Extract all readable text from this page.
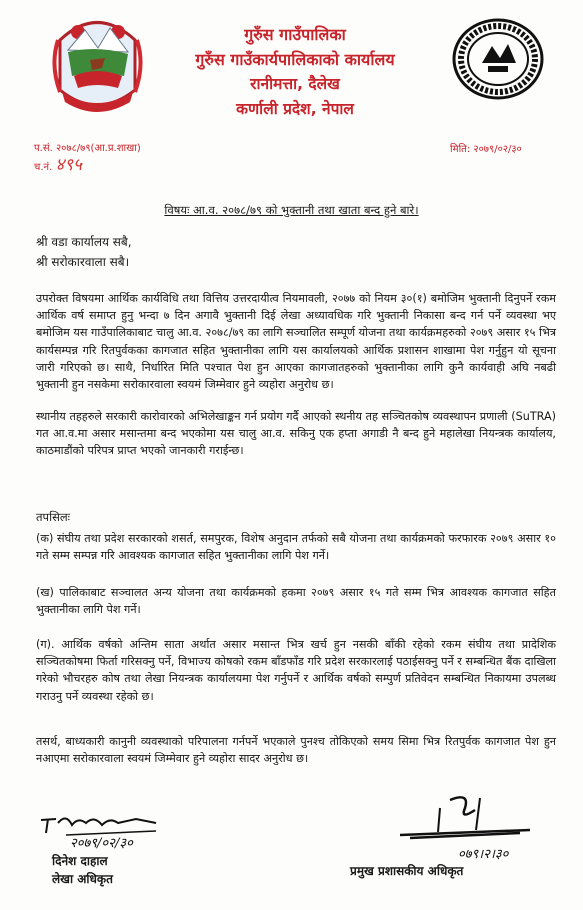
गुरुँस गाउँपालिका
गुरुँस गाउँकार्यपालिकाको कार्यालय
रानीमत्ता, दैलेख
कर्णाली प्रदेश, नेपाल
प.सं. २०७८/७९(आ.प्र.शाखा)
च.नं. ४९५
मिति: २०७९/०२/३०
विषयः आ.व. २०७८/७९ को भुक्तानी तथा खाता बन्द हुने बारे।
श्री वडा कार्यालय सबै,
श्री सरोकारवाला सबै।
उपरोक्त विषयमा आर्थिक कार्यविधि तथा वित्तिय उत्तरदायीत्व नियमावली, २०७७ को नियम ३०(१) बमोजिम भुक्तानी दिनुपर्ने रकम आर्थिक वर्ष समाप्त हुनु भन्दा ७ दिन अगावै भुक्तानी दिई लेखा अध्यावधिक गरि भुक्तानी निकासा बन्द गर्न पर्ने व्यवस्था भए बमोजिम यस गाउँपालिकाबाट चालु आ.व. २०७८/७९ का लागि सञ्चालित सम्पूर्ण योजना तथा कार्यक्रमहरुको २०७९ असार १५ भित्र कार्यसम्पन्न गरि रितपुर्वकका कागजात सहित भुक्तानीका लागि यस कार्यालयको आर्थिक प्रशासन शाखामा पेश गर्नुहुन यो सूचना जारी गरिएको छ। साथै, निर्धारित मिति पश्चात पेश हुन आएका कागजातहरुको भुक्तानीका लागि कुनै कार्यवाही अघि नबढी भुक्तानी हुन नसकेमा सरोकारवाला स्वयमं जिम्मेवार हुने व्यहोरा अनुरोध छ।
स्थानीय तहहरुले सरकारी कारोवारको अभिलेखाङ्कन गर्न प्रयोग गर्दै आएको स्थनीय तह सञ्चितकोष व्यवस्थापन प्रणाली (SuTRA) गत आ.व.मा असार मसान्तमा बन्द भएकोमा यस चालु आ.व. सकिनु एक हप्ता अगाडी नै बन्द हुने महालेखा नियन्त्रक कार्यालय, काठमाडौंको परिपत्र प्राप्त भएको जानकारी गराईन्छ।
तपसिलः
(क) संघीय तथा प्रदेश सरकारको शसर्त, समपुरक, विशेष अनुदान तर्फको सबै योजना तथा कार्यक्रमको फरफारक २०७९ असार १० गते सम्म सम्पन्न गरि आवश्यक कागजात सहित भुक्तानीका लागि पेश गर्ने।
(ख) पालिकाबाट सञ्चालत अन्य योजना तथा कार्यक्रमको हकमा २०७९ असार १५ गते सम्म भित्र आवश्यक कागजात सहित भुक्तानीका लागि पेश गर्ने।
(ग). आर्थिक वर्षको अन्तिम साता अर्थात असार मसान्त भित्र खर्च हुन नसकी बाँकी रहेको रकम संघीय तथा प्रादेशिक सञ्चितकोषमा फिर्ता गरिसक्नु पर्ने, विभाज्य कोषको रकम बाँडफाँड गरि प्रदेश सरकारलाई पठाईसक्नु पर्ने र सम्बन्धित बैंक दाखिला गरेको भौचरहरु कोष तथा लेखा नियन्त्रक कार्यालयमा पेश गर्नुपर्ने र आर्थिक वर्षको सम्पुर्ण प्रतिवेदन सम्बन्धित निकायमा उपलब्ध गराउनु पर्ने व्यवस्था रहेको छ।
तसर्थ, बाध्यकारी कानुनी व्यवस्थाको परिपालना गर्नपर्ने भएकाले पुनश्च तोकिएको समय सिमा भित्र रितपुर्वक कागजात पेश हुन नआएमा सरोकारवाला स्वयमं जिम्मेवार हुने व्यहोरा सादर अनुरोध छ।
२०७९/०२/३०
दिनेश दाहाल
लेखा अधिकृत
०७९।२।३०
प्रमुख प्रशासकीय अधिकृत
